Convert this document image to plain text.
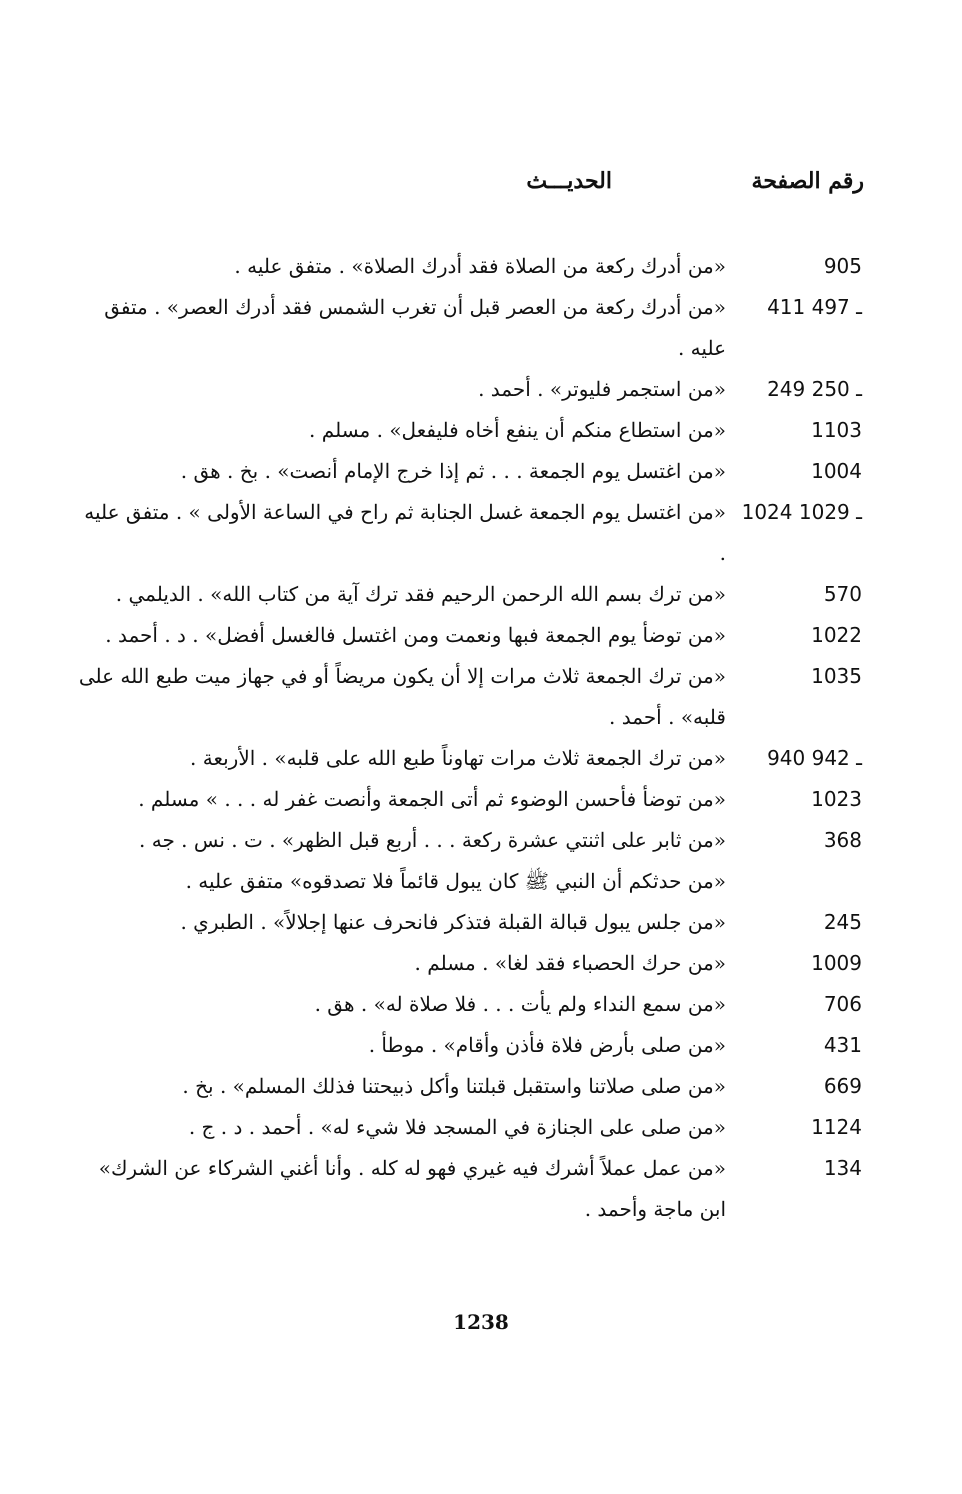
رقم الصفحة
الحديـــث
905
«من أدرك ركعة من الصلاة فقد أدرك الصلاة» . متفق عليه .
411 ـ 497
«من أدرك ركعة من العصر قبل أن تغرب الشمس فقد أدرك العصر» . متفق عليه .
249 ـ 250
«من استجمر فليوتر» . أحمد .
1103
«من استطاع منكم أن ينفع أخاه فليفعل» . مسلم .
1004
«من اغتسل يوم الجمعة . . . ثم إذا خرج الإمام أنصت» . بخ . هق .
1024 ـ 1029
«من اغتسل يوم الجمعة غسل الجنابة ثم راح في الساعة الأولى » . متفق عليه .
570
«من ترك بسم الله الرحمن الرحيم فقد ترك آية من كتاب الله» . الديلمي .
1022
«من توضأ يوم الجمعة فبها ونعمت ومن اغتسل فالغسل أفضل» . د . أحمد .
1035
«من ترك الجمعة ثلاث مرات إلا أن يكون مريضاً أو في جهاز ميت طبع الله على قلبه» . أحمد .
940 ـ 942
«من ترك الجمعة ثلاث مرات تهاوناً طبع الله على قلبه» . الأربعة .
1023
«من توضأ فأحسن الوضوء ثم أتى الجمعة وأنصت غفر له . . . » مسلم .
368
«من ثابر على اثنتي عشرة ركعة . . . أربع قبل الظهر» . ت . نس . جه .
«من حدثكم أن النبي ﷺ كان يبول قائماً فلا تصدقوه» متفق عليه .
245
«من جلس يبول قبالة القبلة فتذكر فانحرف عنها إجلالاً» . الطبري .
1009
«من حرك الحصباء فقد لغا» . مسلم .
706
«من سمع النداء ولم يأت . . . فلا صلاة له» . هق .
431
«من صلى بأرض فلاة فأذن وأقام» . موطأ .
669
«من صلى صلاتنا واستقبل قبلتنا وأكل ذبيحتنا فذلك المسلم» . بخ .
1124
«من صلى على الجنازة في المسجد فلا شيء له» . أحمد . د . ج .
134
«من عمل عملاً أشرك فيه غيري فهو له كله . وأنا أغني الشركاء عن الشرك» ابن ماجة وأحمد .
1238
